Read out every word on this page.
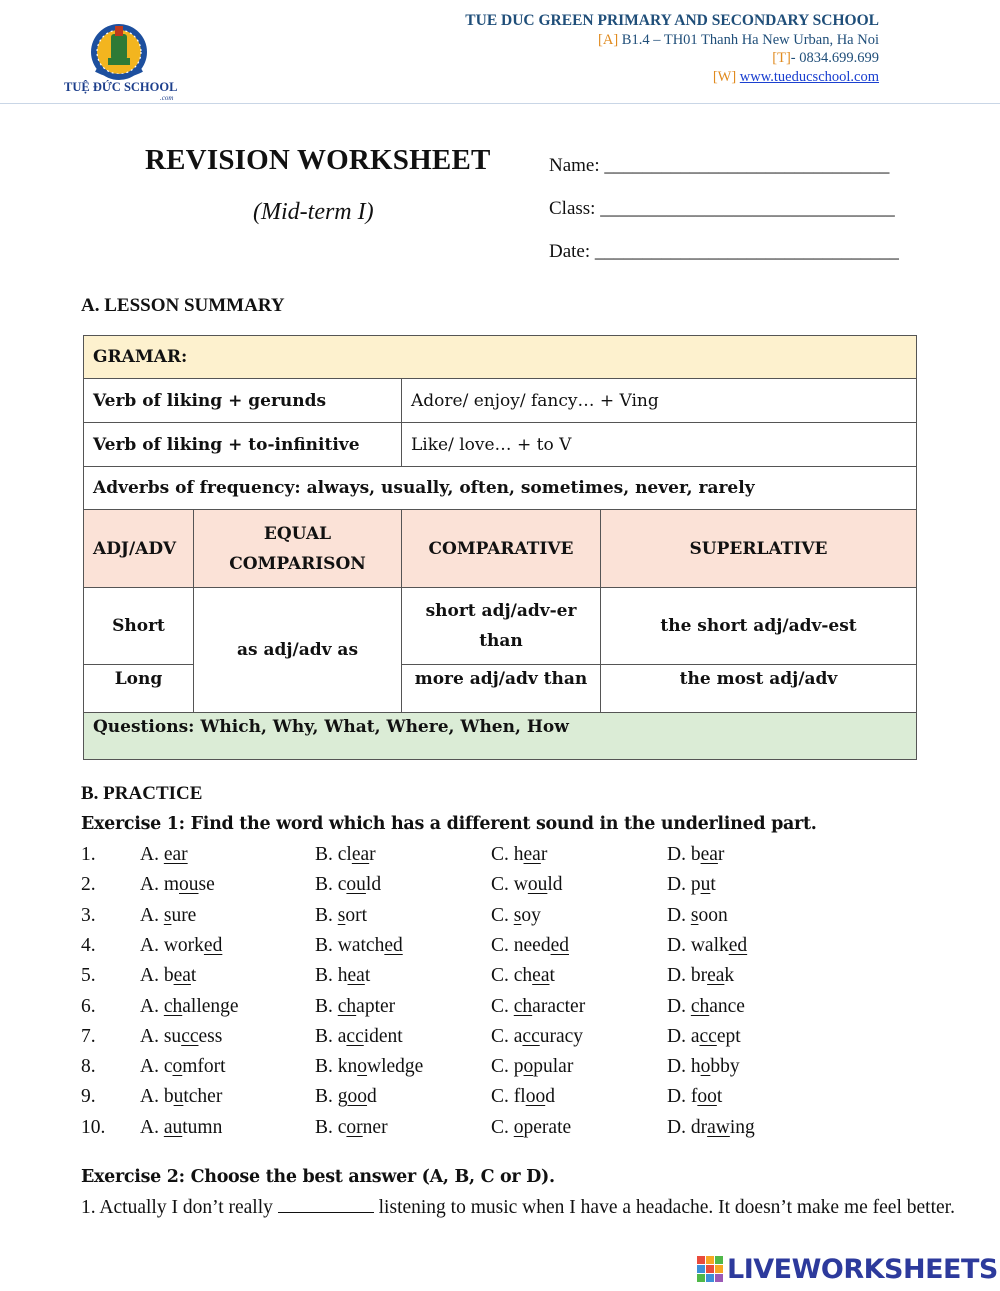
TUỆ ĐỨC SCHOOL
.com
TUE DUC GREEN PRIMARY AND SECONDARY SCHOOL
[A] B1.4 – TH01 Thanh Ha New Urban, Ha Noi
[T]- 0834.699.699
[W] www.tueducschool.com
REVISION WORKSHEET
(Mid-term I)
Name: ______________________________
Class: _______________________________
Date: ________________________________
A. LESSON SUMMARY
GRAMAR:			
Verb of liking + gerunds		Adore/ enjoy/ fancy… + Ving	
Verb of liking + to-infinitive		Like/ love… + to V	
Adverbs of frequency: always, usually, often, sometimes, never, rarely			
ADJ/ADV	EQUAL COMPARISON	COMPARATIVE	SUPERLATIVE
Short	as adj/adv as	short adj/adv-er than	the short adj/adv-est
Long		more adj/adv than	the most adj/adv
Questions: Which, Why, What, Where, When, How			
B. PRACTICE
Exercise 1: Find the word which has a different sound in the underlined part.
1. A. ear	B. clear	C. hear	D. bear
2. A. mouse	B. could	C. would	D. put
3. A. sure	B. sort	C. soy	D. soon
4. A. worked	B. watched	C. needed	D. walked
5. A. beat	B. heat	C. cheat	D. break
6. A. challenge	B. chapter	C. character	D. chance
7. A. success	B. accident	C. accuracy	D. accept
8. A. comfort	B. knowledge	C. popular	D. hobby
9. A. butcher	B. good	C. flood	D. foot
10. A. autumn	B. corner	C. operate	D. drawing
Exercise 2: Choose the best answer (A, B, C or D).
1. Actually I don’t really	listening to music when I have a headache. It doesn’t make me feel better.
LIVEWORKSHEETS
